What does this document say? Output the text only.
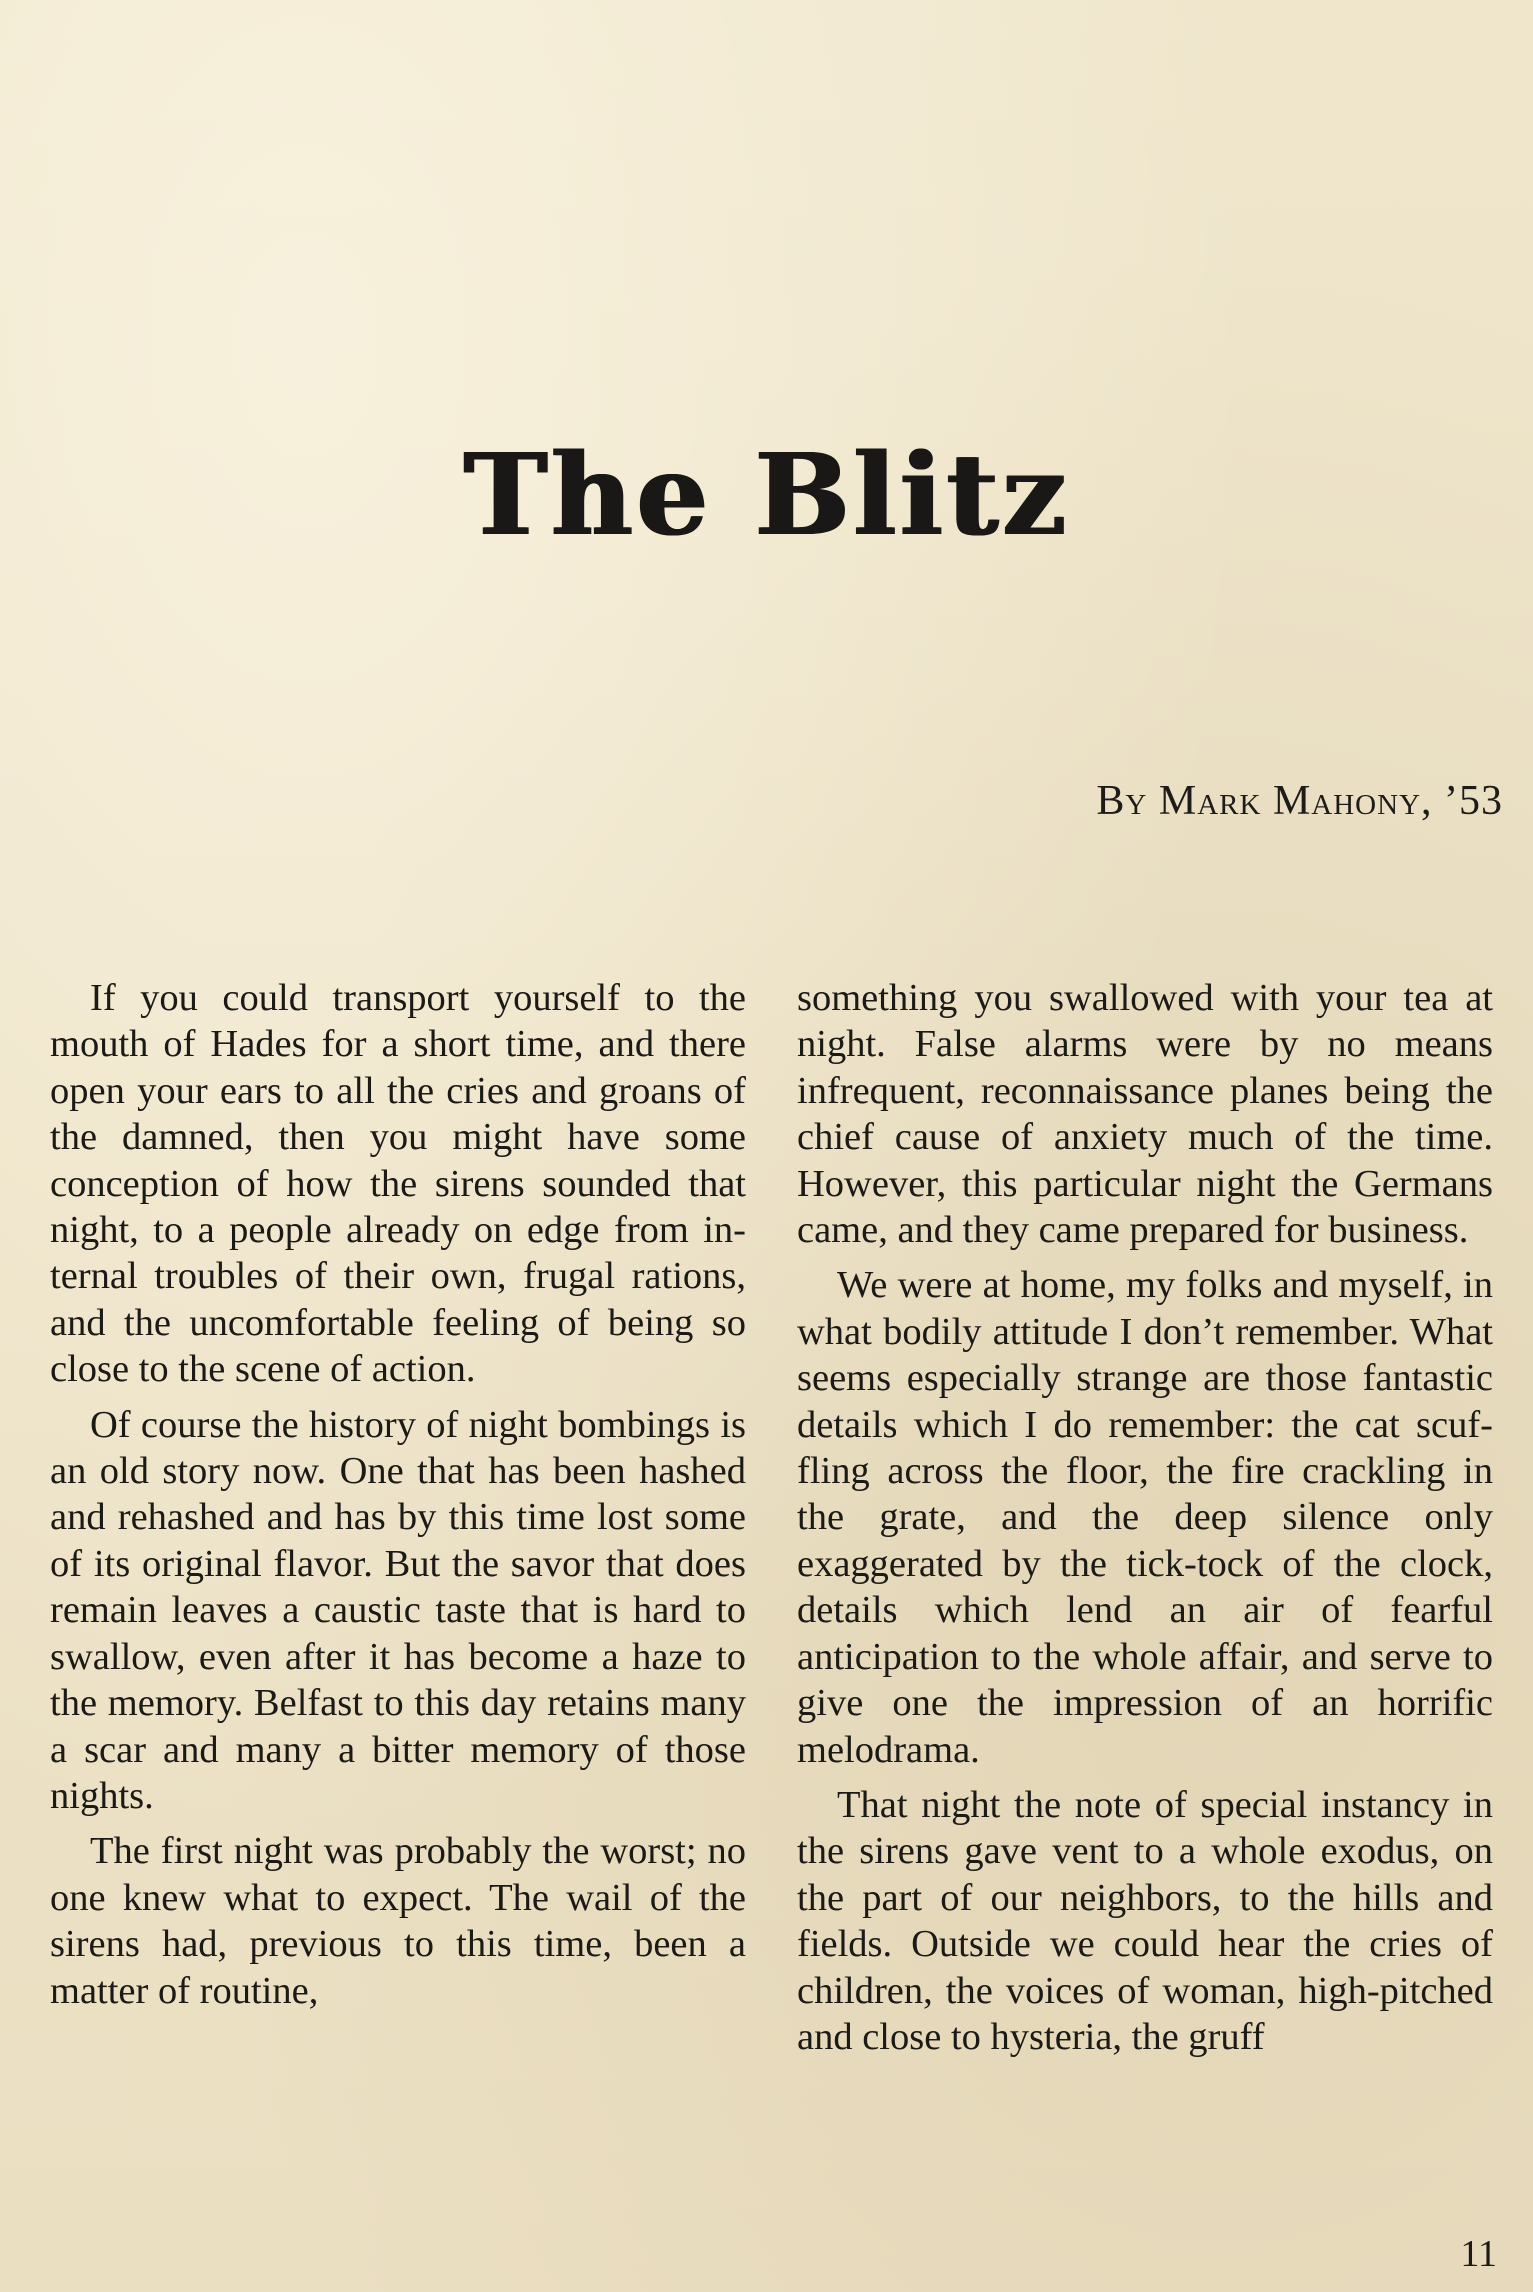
The Blitz

By Mark Mahony, ’53

If you could transport yourself to the mouth of Hades for a short time, and there open your ears to all the cries and groans of the damned, then you might have some conception of how the sirens sounded that night, to a people already on edge from internal troubles of their own, frugal rations, and the uncomfortable feeling of being so close to the scene of action.

Of course the history of night bombings is an old story now. One that has been hashed and rehashed and has by this time lost some of its original flavor. But the savor that does remain leaves a caustic taste that is hard to swallow, even after it has become a haze to the memory. Belfast to this day retains many a scar and many a bitter memory of those nights.

The first night was probably the worst; no one knew what to expect. The wail of the sirens had, previous to this time, been a matter of routine,

something you swallowed with your tea at night. False alarms were by no means infrequent, reconnaissance planes being the chief cause of anxiety much of the time. However, this particular night the Germans came, and they came prepared for business.

We were at home, my folks and myself, in what bodily attitude I don’t remember. What seems especially strange are those fantastic details which I do remember: the cat scuffling across the floor, the fire crackling in the grate, and the deep silence only exaggerated by the tick-tock of the clock, details which lend an air of fearful anticipation to the whole affair, and serve to give one the impression of an horrific melodrama.

That night the note of special instancy in the sirens gave vent to a whole exodus, on the part of our neighbors, to the hills and fields. Outside we could hear the cries of children, the voices of woman, high-pitched and close to hysteria, the gruff

11
